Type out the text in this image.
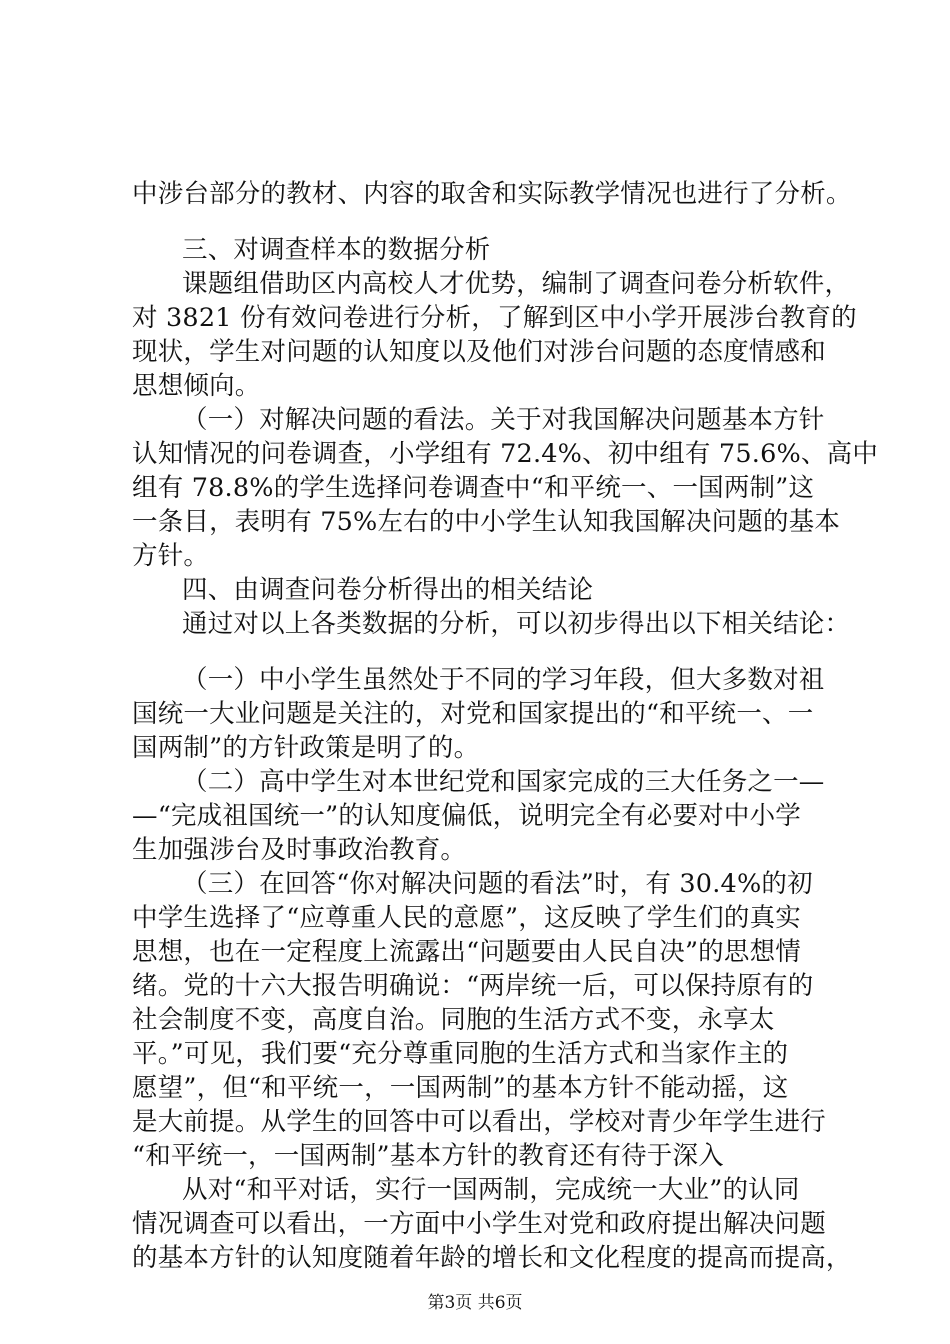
中涉台部分的教材、内容的取舍和实际教学情况也进行了分析。
三、对调查样本的数据分析
课题组借助区内高校人才优势，编制了调查问卷分析软件，
对 3821 份有效问卷进行分析，了解到区中小学开展涉台教育的
现状，学生对问题的认知度以及他们对涉台问题的态度情感和
思想倾向。
（一）对解决问题的看法。关于对我国解决问题基本方针
认知情况的问卷调查，小学组有 72.4%、初中组有 75.6%、高中
组有 78.8%的学生选择问卷调查中“和平统一、一国两制”这
一条目，表明有 75%左右的中小学生认知我国解决问题的基本
方针。
四、由调查问卷分析得出的相关结论
通过对以上各类数据的分析，可以初步得出以下相关结论：
（一）中小学生虽然处于不同的学习年段，但大多数对祖
国统一大业问题是关注的，对党和国家提出的“和平统一、一
国两制”的方针政策是明了的。
（二）高中学生对本世纪党和国家完成的三大任务之一—
—“完成祖国统一”的认知度偏低，说明完全有必要对中小学
生加强涉台及时事政治教育。
（三）在回答“你对解决问题的看法”时，有 30.4%的初
中学生选择了“应尊重人民的意愿”，这反映了学生们的真实
思想，也在一定程度上流露出“问题要由人民自决”的思想情
绪。党的十六大报告明确说：“两岸统一后，可以保持原有的
社会制度不变，高度自治。同胞的生活方式不变，永享太
平。”可见，我们要“充分尊重同胞的生活方式和当家作主的
愿望”，但“和平统一，一国两制”的基本方针不能动摇，这
是大前提。从学生的回答中可以看出，学校对青少年学生进行
“和平统一，一国两制”基本方针的教育还有待于深入
从对“和平对话，实行一国两制，完成统一大业”的认同
情况调查可以看出，一方面中小学生对党和政府提出解决问题
的基本方针的认知度随着年龄的增长和文化程度的提高而提高，
第3页 共6页
